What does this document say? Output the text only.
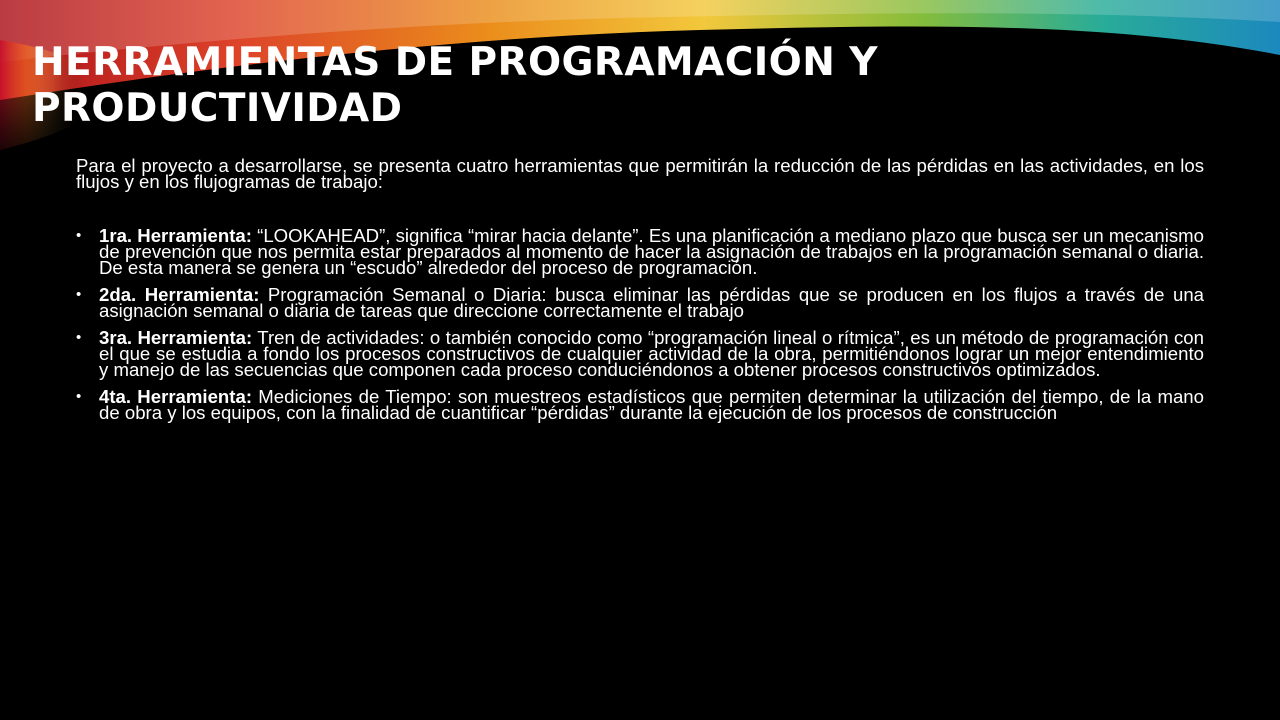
HERRAMIENTAS DE PROGRAMACIÓN Y PRODUCTIVIDAD

Para el proyecto a desarrollarse, se presenta cuatro herramientas que permitirán la reducción de las pérdidas en las actividades, en los flujos y en los flujogramas de trabajo:

• 1ra. Herramienta: “LOOKAHEAD”, significa “mirar hacia delante”. Es una planificación a mediano plazo que busca ser un mecanismo de prevención que nos permita estar preparados al momento de hacer la asignación de trabajos en la programación semanal o diaria. De esta manera se genera un “escudo” alrededor del proceso de programación.
• 2da. Herramienta: Programación Semanal o Diaria: busca eliminar las pérdidas que se producen en los flujos a través de una asignación semanal o diaria de tareas que direccione correctamente el trabajo
• 3ra. Herramienta: Tren de actividades: o también conocido como “programación lineal o rítmica”, es un método de programación con el que se estudia a fondo los procesos constructivos de cualquier actividad de la obra, permitiéndonos lograr un mejor entendimiento y manejo de las secuencias que componen cada proceso conduciéndonos a obtener procesos constructivos optimizados.
• 4ta. Herramienta: Mediciones de Tiempo: son muestreos estadísticos que permiten determinar la utilización del tiempo, de la mano de obra y los equipos, con la finalidad de cuantificar “pérdidas” durante la ejecución de los procesos de construcción
